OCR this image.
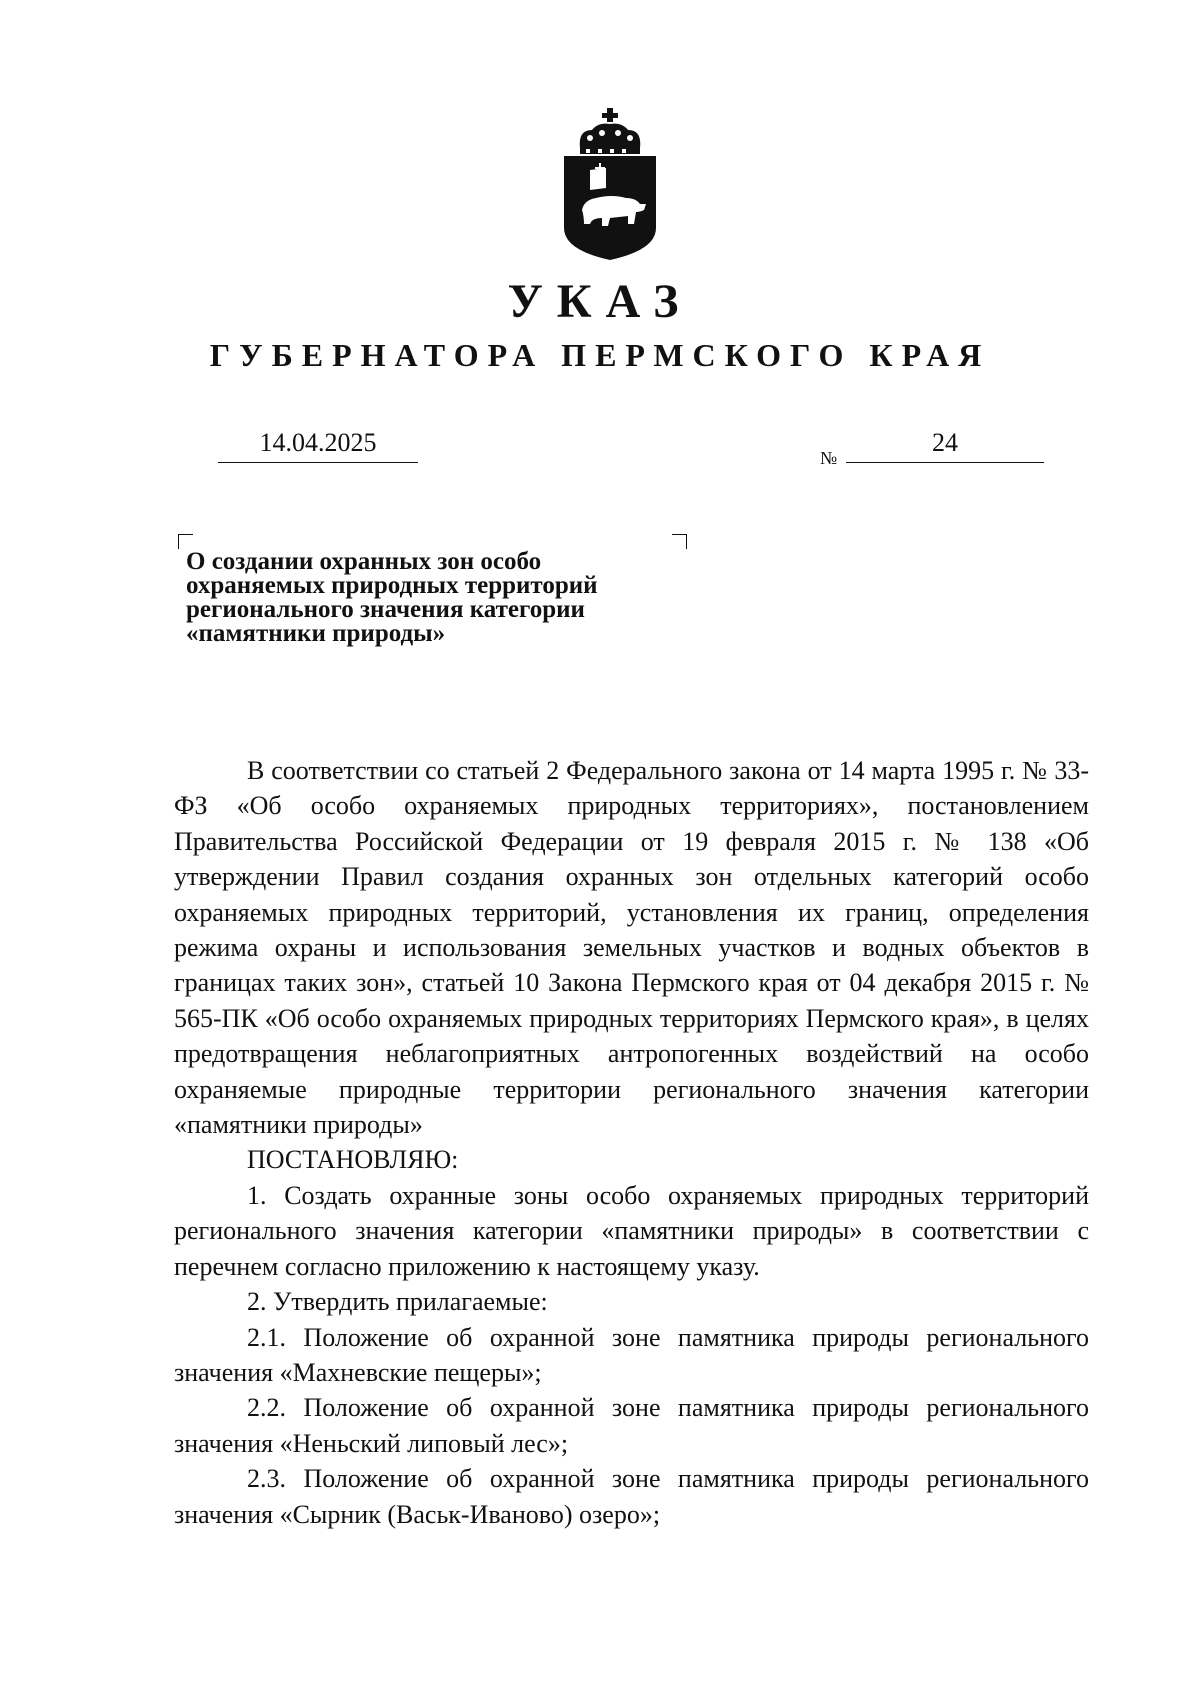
УКАЗ
ГУБЕРНАТОРА ПЕРМСКОГО КРАЯ
14.04.2025
№
24
О создании охранных зон особо
охраняемых природных территорий
регионального значения категории
«памятники природы»

В соответствии со статьей 2 Федерального закона от 14 марта 1995 г. № 33-ФЗ «Об особо охраняемых природных территориях», постановлением Правительства Российской Федерации от 19 февраля 2015 г. № 138 «Об утверждении Правил создания охранных зон отдельных категорий особо охраняемых природных территорий, установления их границ, определения режима охраны и использования земельных участков и водных объектов в границах таких зон», статьей 10 Закона Пермского края от 04 декабря 2015 г. № 565-ПК «Об особо охраняемых природных территориях Пермского края», в целях предотвращения неблагоприятных антропогенных воздействий на особо охраняемые природные территории регионального значения категории «памятники природы»

ПОСТАНОВЛЯЮ:

1. Создать охранные зоны особо охраняемых природных территорий регионального значения категории «памятники природы» в соответствии с перечнем согласно приложению к настоящему указу.

2. Утвердить прилагаемые:

2.1. Положение об охранной зоне памятника природы регионального значения «Махневские пещеры»;

2.2. Положение об охранной зоне памятника природы регионального значения «Неньский липовый лес»;

2.3. Положение об охранной зоне памятника природы регионального значения «Сырник (Васьк-Иваново) озеро»;
